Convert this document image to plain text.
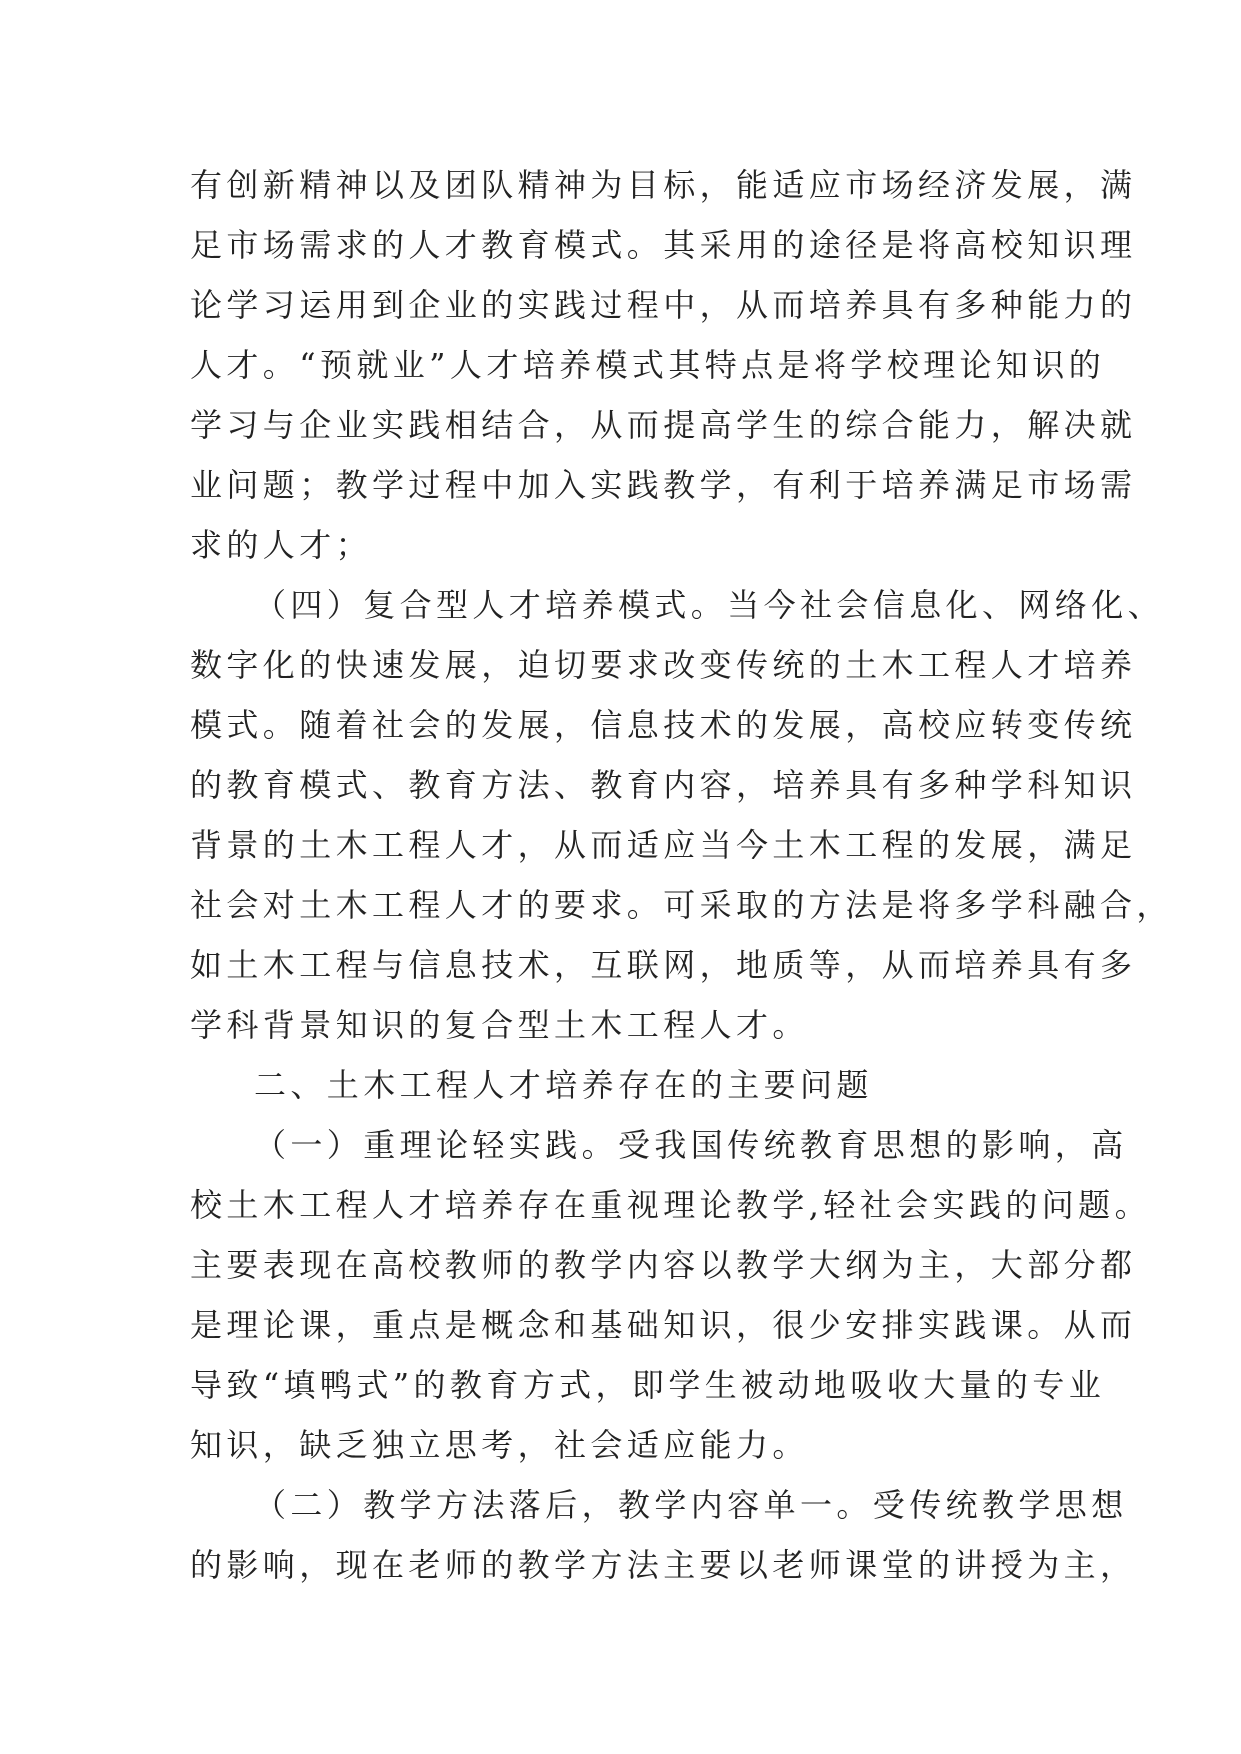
有创新精神以及团队精神为目标，能适应市场经济发展，满
足市场需求的人才教育模式。其采用的途径是将高校知识理
论学习运用到企业的实践过程中，从而培养具有多种能力的
人才。“预就业”人才培养模式其特点是将学校理论知识的
学习与企业实践相结合，从而提高学生的综合能力，解决就
业问题；教学过程中加入实践教学，有利于培养满足市场需
求的人才；
（四）复合型人才培养模式。当今社会信息化、网络化、
数字化的快速发展，迫切要求改变传统的土木工程人才培养
模式。随着社会的发展，信息技术的发展，高校应转变传统
的教育模式、教育方法、教育内容，培养具有多种学科知识
背景的土木工程人才，从而适应当今土木工程的发展，满足
社会对土木工程人才的要求。可采取的方法是将多学科融合，
如土木工程与信息技术，互联网，地质等，从而培养具有多
学科背景知识的复合型土木工程人才。
二、土木工程人才培养存在的主要问题
（一）重理论轻实践。受我国传统教育思想的影响，高
校土木工程人才培养存在重视理论教学,轻社会实践的问题。
主要表现在高校教师的教学内容以教学大纲为主，大部分都
是理论课，重点是概念和基础知识，很少安排实践课。从而
导致“填鸭式”的教育方式，即学生被动地吸收大量的专业
知识，缺乏独立思考，社会适应能力。
（二）教学方法落后，教学内容单一。受传统教学思想
的影响，现在老师的教学方法主要以老师课堂的讲授为主，
